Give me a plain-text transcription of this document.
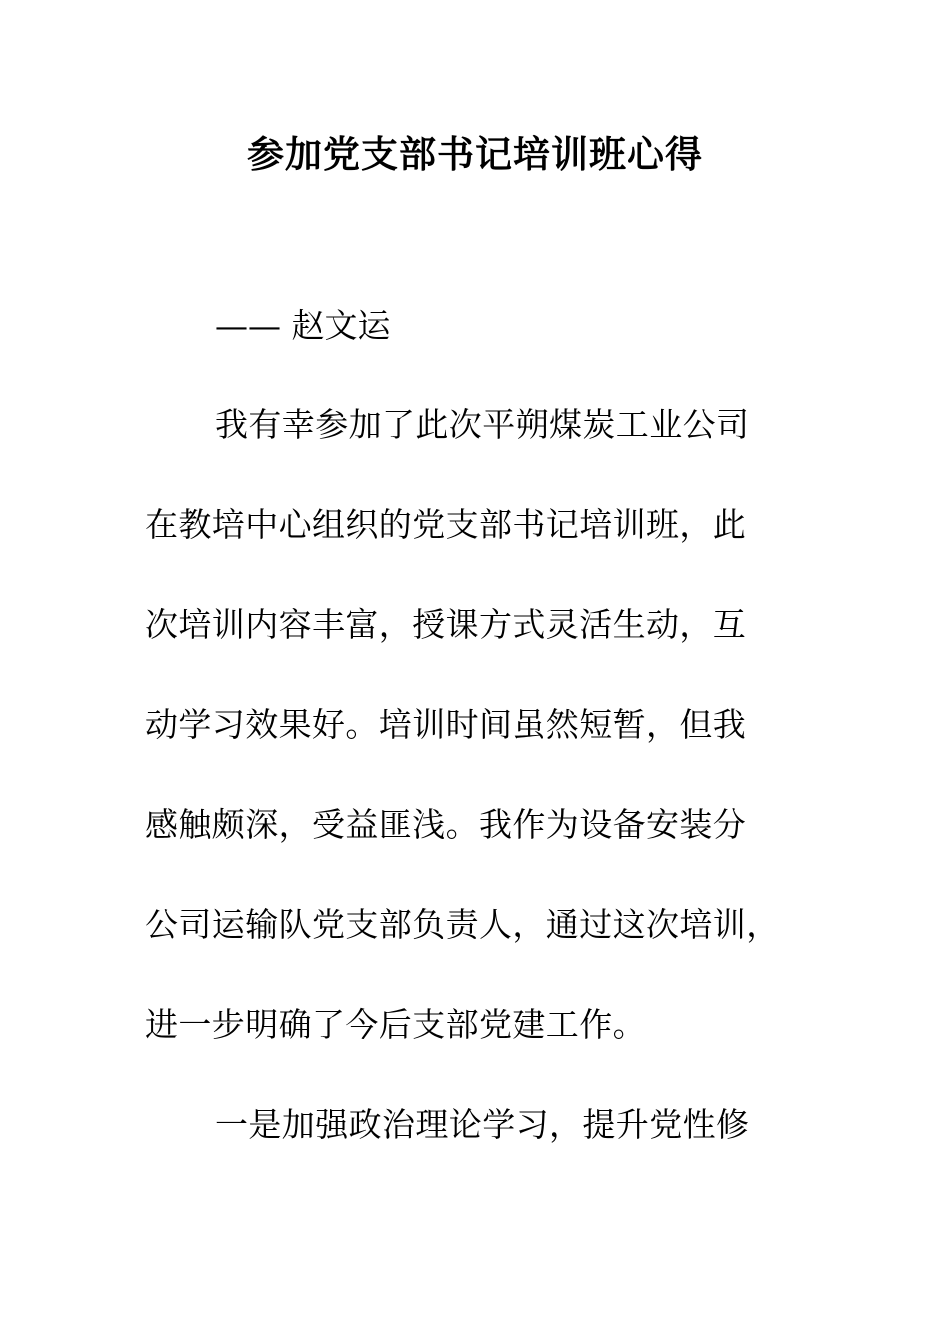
参加党支部书记培训班心得
—— 赵文运
我有幸参加了此次平朔煤炭工业公司
在教培中心组织的党支部书记培训班，此
次培训内容丰富，授课方式灵活生动，互
动学习效果好。培训时间虽然短暂，但我
感触颇深，受益匪浅。我作为设备安装分
公司运输队党支部负责人，通过这次培训，
进一步明确了今后支部党建工作。
一是加强政治理论学习，提升党性修
